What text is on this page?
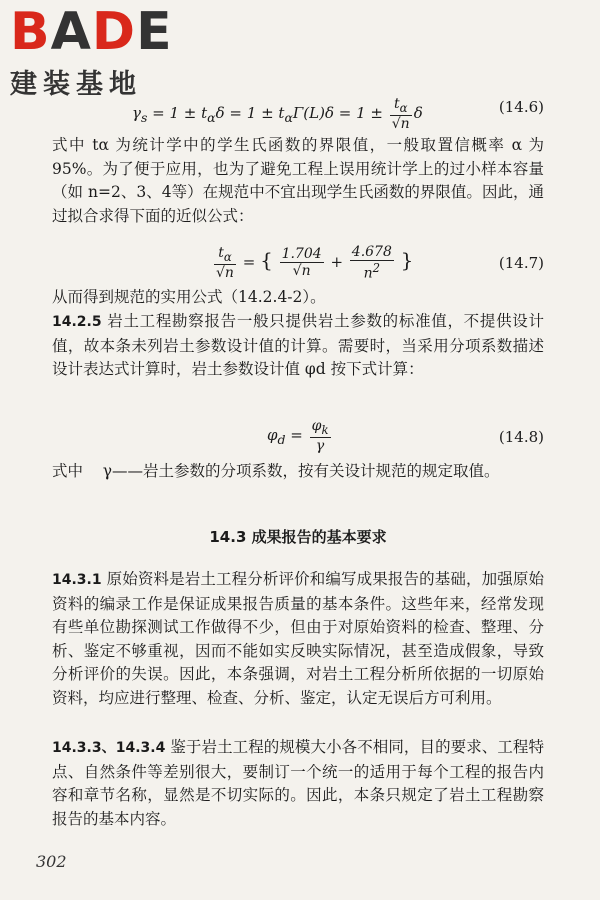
BADE
建装基地
$\gamma_s = 1 \pm t_\alpha\delta = 1 \pm t_\alpha\Gamma(L)\delta = 1 \pm \frac{t_\alpha}{√n}$ δ	(14.6)
式中 tα 为统计学中的学生氏函数的界限值，一般取置信概率 α 为95%。为了便于应用，也为了避免工程上误用统计学上的过小样本容量（如 n=2、3、4等）在规范中不宜出现学生氏函数的界限值。因此，通过拟合求得下面的近似公式：
$\frac{t_\alpha}{√n}$ = { $\frac{1.704}{√n} + \frac{4.678}{n^2}$ }	(14.7)
从而得到规范的实用公式（14.2.4-2）。
14.2.5 岩土工程勘察报告一般只提供岩土参数的标准值，不提供设计值，故本条未列岩土参数设计值的计算。需要时，当采用分项系数描述设计表达式计算时，岩土参数设计值 φd 按下式计算：
$\varphi_d = \frac{\varphi_k}{\gamma}$	(14.8)
式中 γ——岩土参数的分项系数，按有关设计规范的规定取值。
14.3 成果报告的基本要求
14.3.1 原始资料是岩土工程分析评价和编写成果报告的基础，加强原始资料的编录工作是保证成果报告质量的基本条件。这些年来，经常发现有些单位勘探测试工作做得不少，但由于对原始资料的检查、整理、分析、鉴定不够重视，因而不能如实反映实际情况，甚至造成假象，导致分析评价的失误。因此，本条强调，对岩土工程分析所依据的一切原始资料，均应进行整理、检查、分析、鉴定，认定无误后方可利用。
14.3.3、14.3.4 鉴于岩土工程的规模大小各不相同，目的要求、工程特点、自然条件等差别很大，要制订一个统一的适用于每个工程的报告内容和章节名称，显然是不切实际的。因此，本条只规定了岩土工程勘察报告的基本内容。
302
